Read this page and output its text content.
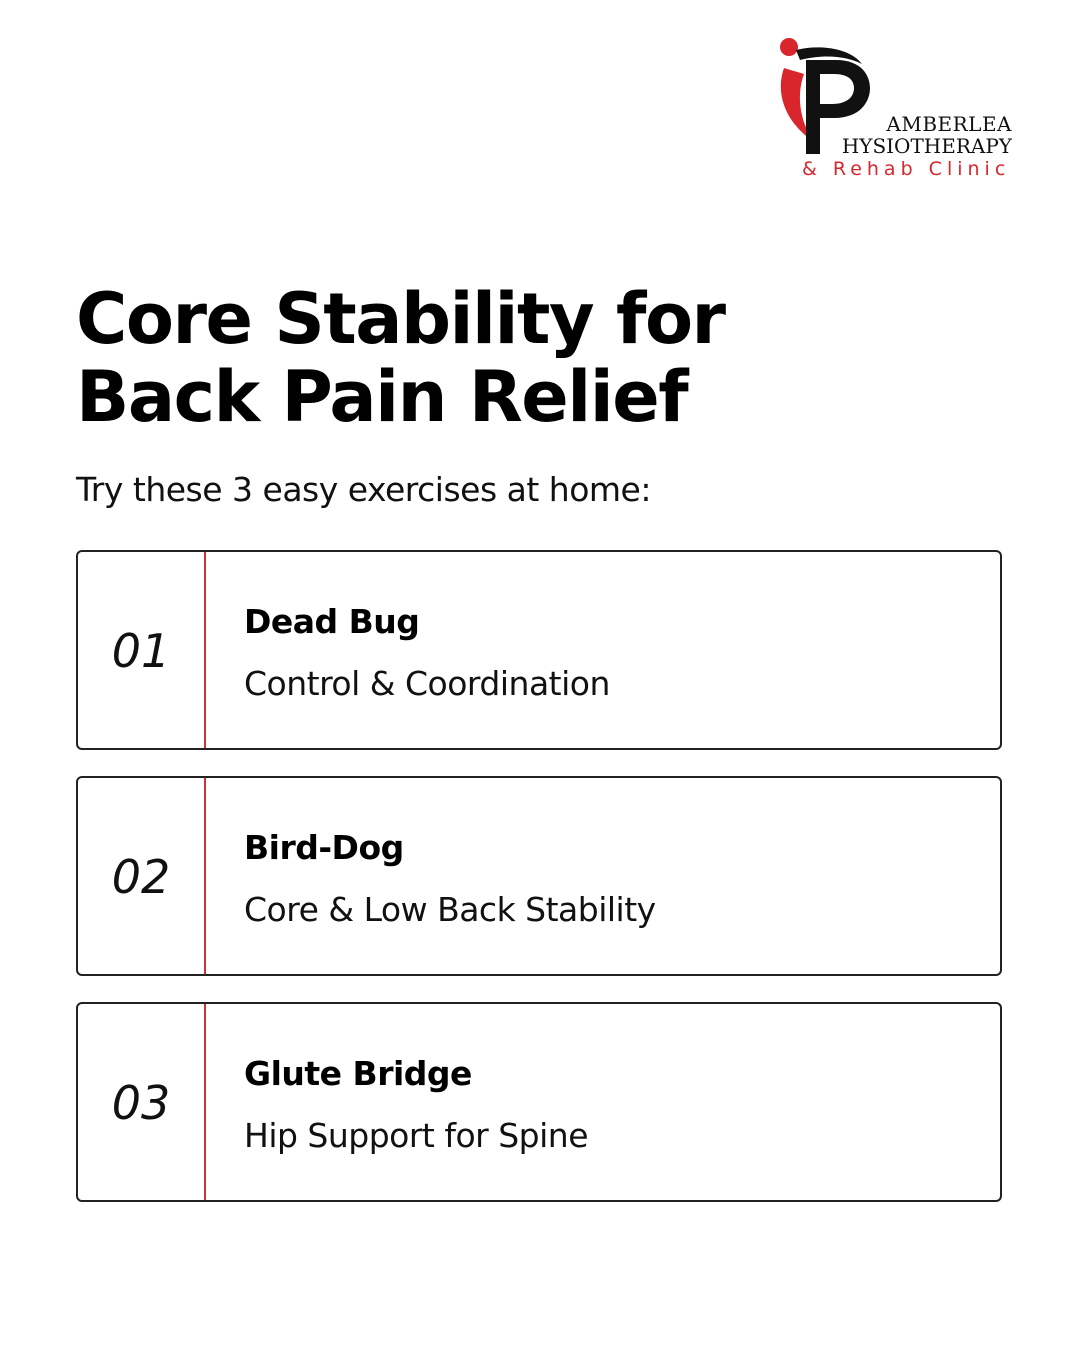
AMBERLEA
HYSIOTHERAPY
& Rehab Clinic
Core Stability for
Back Pain Relief

Try these 3 easy exercises at home:

01
Dead Bug
Control & Coordination
02
Bird-Dog
Core & Low Back Stability
03
Glute Bridge
Hip Support for Spine
